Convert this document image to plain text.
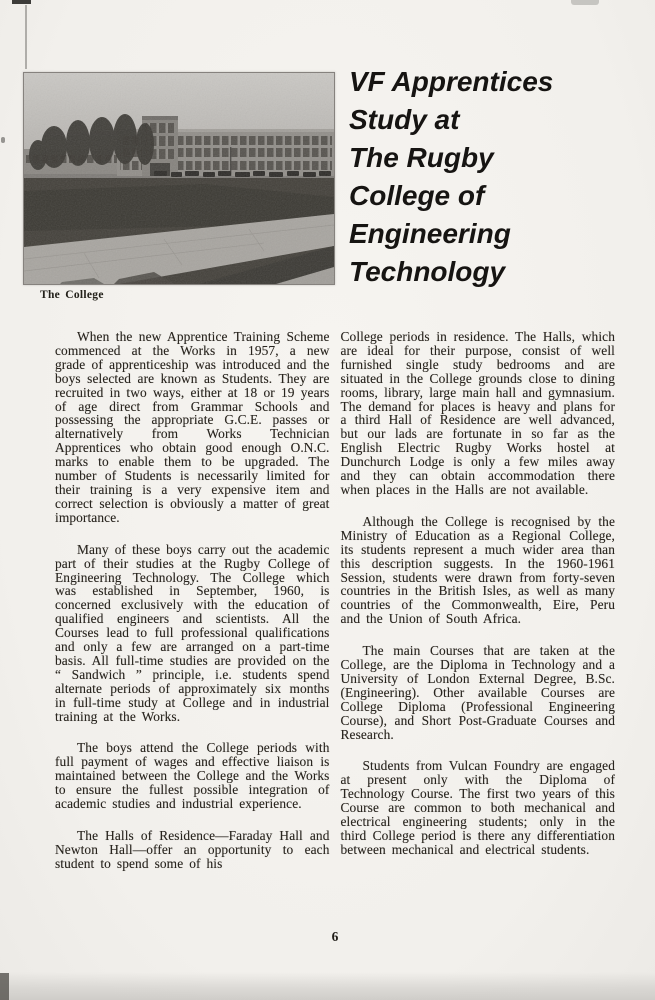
VF Apprentices
Study at
The Rugby
College of
Engineering
Technology
The College

When the new Apprentice Training Scheme commenced at the Works in 1957, a new grade of apprenticeship was introduced and the boys selected are known as Students. They are recruited in two ways, either at 18 or 19 years of age direct from Grammar Schools and possessing the appropriate G.C.E. passes or alternatively from Works Technician Apprentices who obtain good enough O.N.C. marks to enable them to be upgraded. The number of Students is necessarily limited for their training is a very expensive item and correct selection is obviously a matter of great importance.

Many of these boys carry out the academic part of their studies at the Rugby College of Engineering Technology. The College which was established in September, 1960, is concerned exclusively with the education of qualified engineers and scientists. All the Courses lead to full professional qualifications and only a few are arranged on a part-time basis. All full-time studies are provided on the “ Sandwich ” principle, i.e. students spend alternate periods of approximately six months in full-time study at College and in industrial training at the Works.

The boys attend the College periods with full payment of wages and effective liaison is maintained between the College and the Works to ensure the fullest possible integration of academic studies and industrial experience.

The Halls of Residence—Faraday Hall and Newton Hall—offer an opportunity to each student to spend some of his

College periods in residence. The Halls, which are ideal for their purpose, consist of well furnished single study bedrooms and are situated in the College grounds close to dining rooms, library, large main hall and gymnasium. The demand for places is heavy and plans for a third Hall of Residence are well advanced, but our lads are fortunate in so far as the English Electric Rugby Works hostel at Dunchurch Lodge is only a few miles away and they can obtain accommodation there when places in the Halls are not available.

Although the College is recognised by the Ministry of Education as a Regional College, its students represent a much wider area than this description suggests. In the 1960-1961 Session, students were drawn from forty-seven countries in the British Isles, as well as many countries of the Commonwealth, Eire, Peru and the Union of South Africa.

The main Courses that are taken at the College, are the Diploma in Technology and a University of London External Degree, B.Sc. (Engineering). Other available Courses are College Diploma (Professional Engineering Course), and Short Post-Graduate Courses and Research.

Students from Vulcan Foundry are engaged at present only with the Diploma of Technology Course. The first two years of this Course are common to both mechanical and electrical engineering students; only in the third College period is there any differentiation between mechanical and electrical students.

6
